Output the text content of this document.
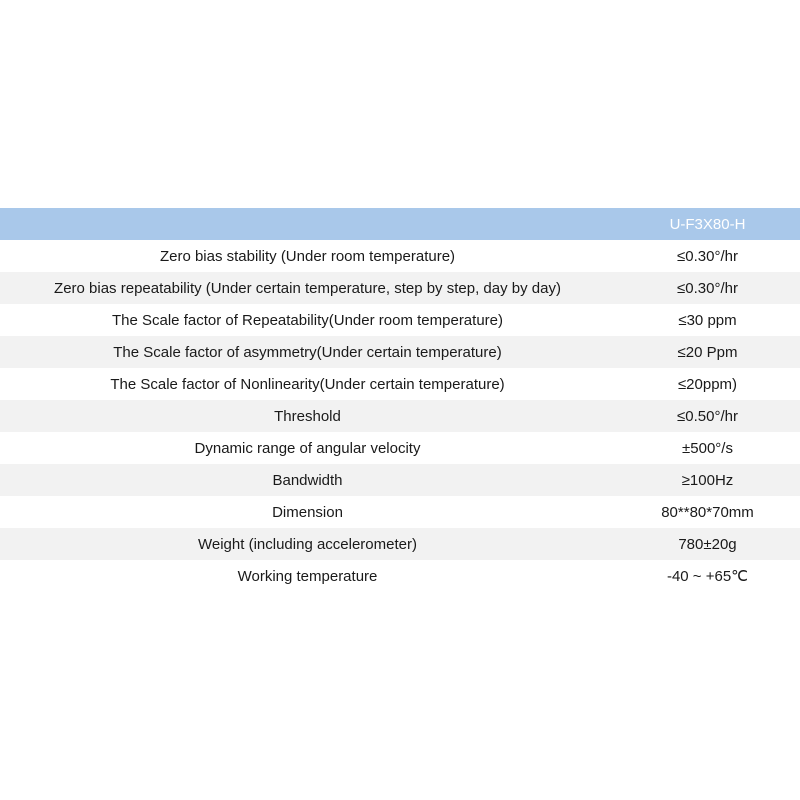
	U-F3X80-H
Zero bias stability (Under room temperature)	≤0.30°/hr
Zero bias repeatability (Under certain temperature, step by step, day by day)	≤0.30°/hr
The Scale factor of Repeatability(Under room temperature)	≤30 ppm
The Scale factor of asymmetry(Under certain temperature)	≤20 Ppm
The Scale factor of Nonlinearity(Under certain temperature)	≤20ppm)
Threshold	≤0.50°/hr
Dynamic range of angular velocity	±500°/s
Bandwidth	≥100Hz
Dimension	80**80*70mm
Weight (including accelerometer)	780±20g
Working temperature	-40 ~ +65℃
